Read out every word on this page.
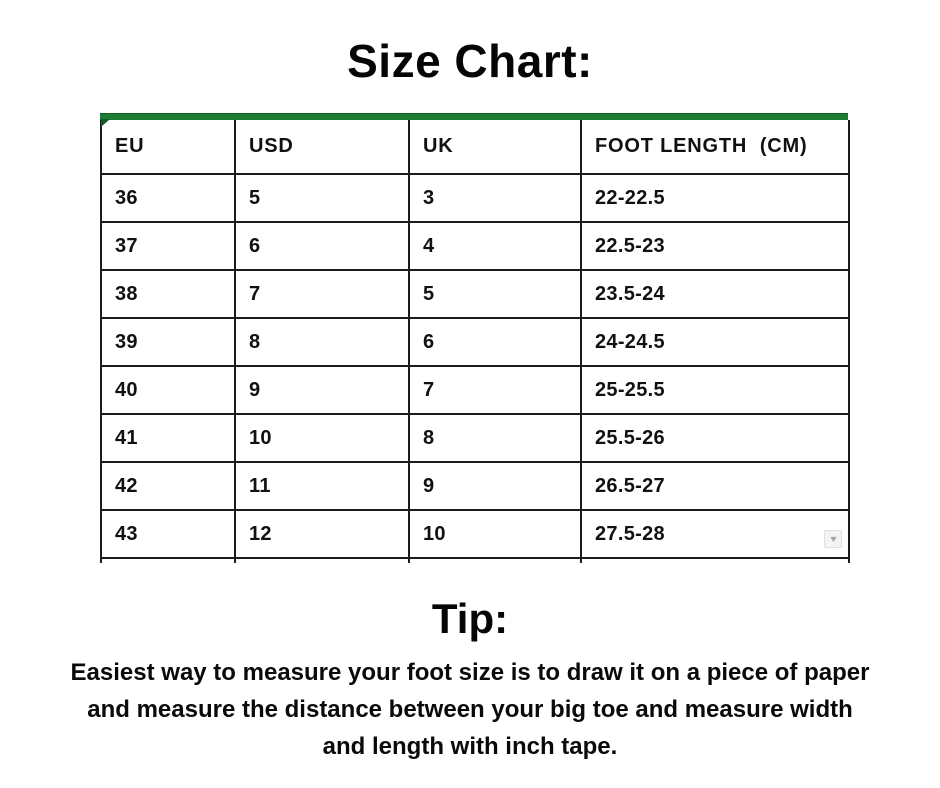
Size Chart:
EU	USD	UK	FOOT LENGTH  (CM)
36	5	3	22-22.5
37	6	4	22.5-23
38	7	5	23.5-24
39	8	6	24-24.5
40	9	7	25-25.5
41	10	8	25.5-26
42	11	9	26.5-27
43	12	10	27.5-28
				▼
Tip:
Easiest way to measure your foot size is to draw it on a piece of paper
and measure the distance between your big toe and measure width
and length with inch tape.
